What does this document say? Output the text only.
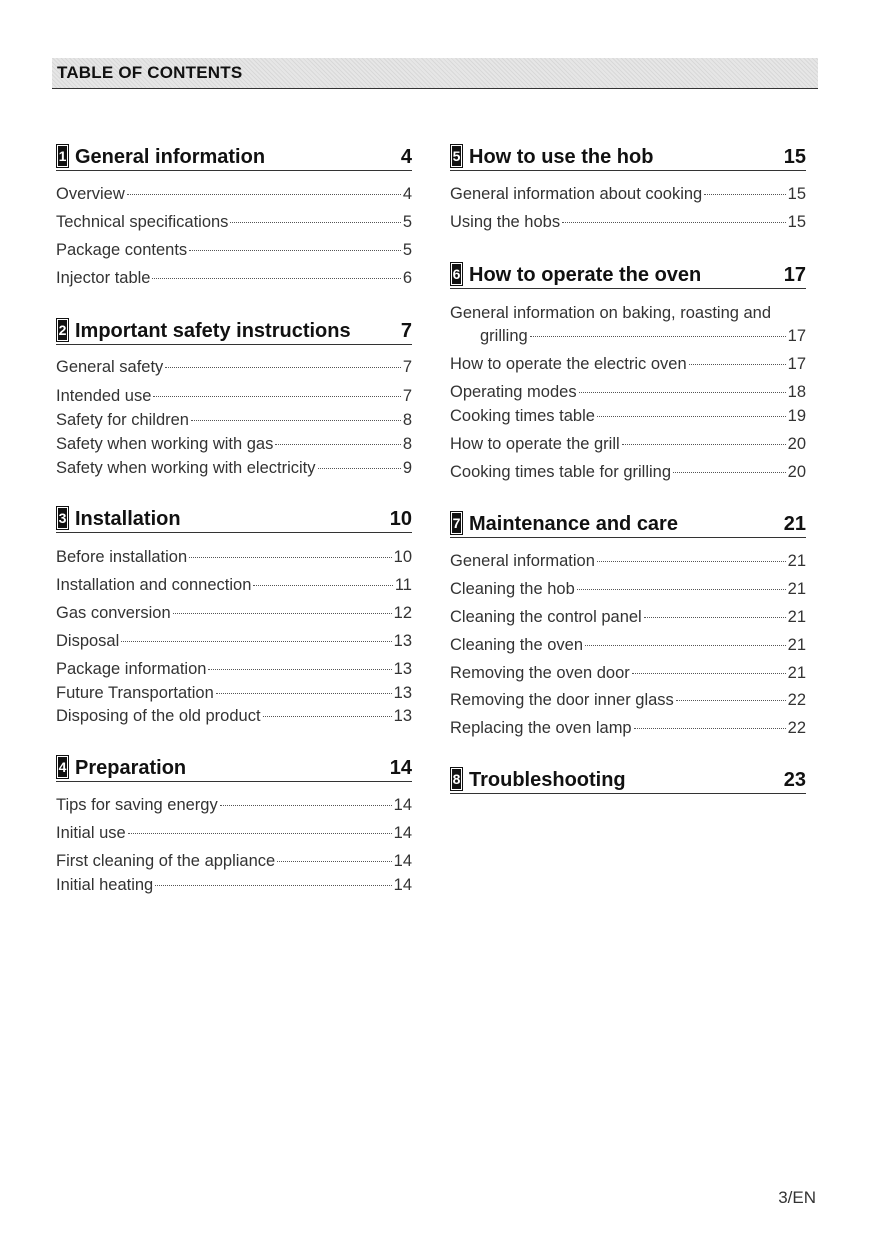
TABLE OF CONTENTS
1 General information	4
Overview	4
Technical specifications	5
Package contents	5
Injector table	6
2 Important safety instructions	7
General safety	7
Intended use	7
Safety for children	8
Safety when working with gas	8
Safety when working with electricity	9
3 Installation	10
Before installation	10
Installation and connection	11
Gas conversion	12
Disposal	13
Package information	13
Future Transportation	13
Disposing of the old product	13
4 Preparation	14
Tips for saving energy	14
Initial use	14
First cleaning of the appliance	14
Initial heating	14
5 How to use the hob	15
General information about cooking	15
Using the hobs	15
6 How to operate the oven	17
General information on baking, roasting and
grilling	17
How to operate the electric oven	17
Operating modes	18
Cooking times table	19
How to operate the grill	20
Cooking times table for grilling	20
7 Maintenance and care	21
General information	21
Cleaning the hob	21
Cleaning the control panel	21
Cleaning the oven	21
Removing the oven door	21
Removing the door inner glass	22
Replacing the oven lamp	22
8 Troubleshooting	23
3/EN
